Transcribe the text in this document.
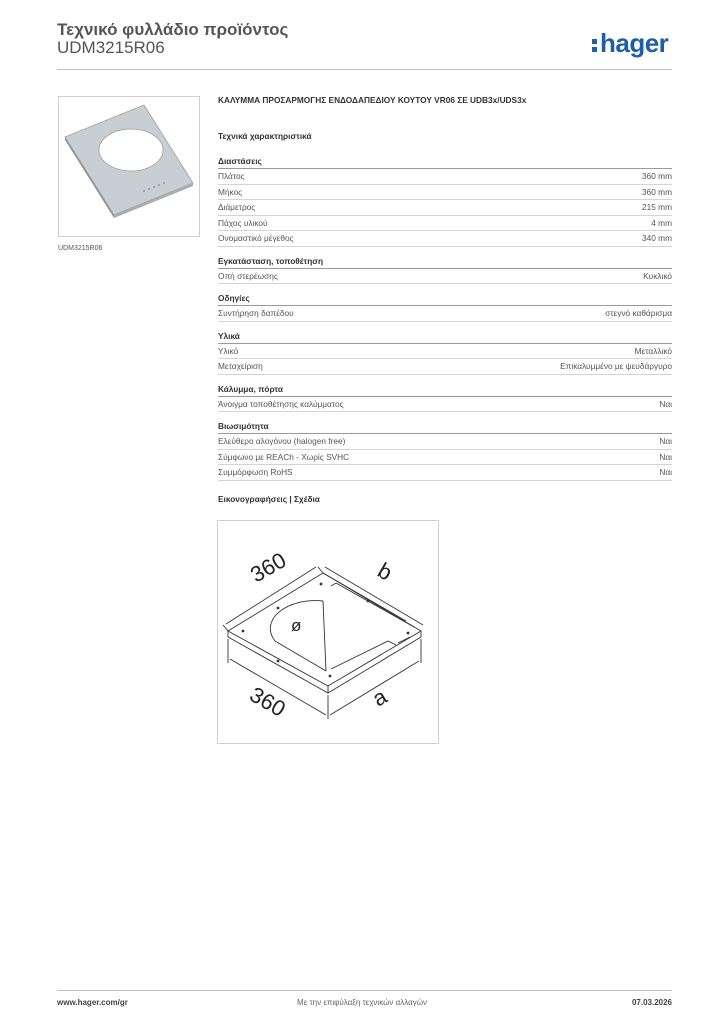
Τεχνικό φυλλάδιο προϊόντος
UDM3215R06	hager
UDM3215R06
ΚΑΛΥΜΜΑ ΠΡΟΣΑΡΜΟΓΗΣ ΕΝΔΟΔΑΠΕΔΙΟΥ ΚΟΥΤΟΥ VR06 ΣΕ UDB3x/UDS3x
Τεχνικά χαρακτηριστικά
Διαστάσεις
Πλάτος	360 mm
Μήκος	360 mm
Διάμετρος	215 mm
Πάχος υλικού	4 mm
Ονομαστικό μέγεθος	340 mm
Εγκατάσταση, τοποθέτηση
Οπή στερέωσης	Κυκλικό
Οδηγίες
Συντήρηση δαπέδου	στεγνό καθάρισμα
Υλικά
Υλικό	Μεταλλικό
Μεταχείριση	Επικαλυμμένο με ψευδάργυρο
Κάλυμμα, πόρτα
Άνοιγμα τοποθέτησης καλύμματος	Ναι
Βιωσιμότητα
Ελεύθερο αλογόνου (halogen free)	Ναι
Σύμφωνο με REACh - Χωρίς SVHC	Ναι
Συμμόρφωση RoHS	Ναι
Εικονογραφήσεις | Σχέδια
360	b
ø
360	a
www.hager.com/gr	Με την επιφύλαξη τεχνικών αλλαγών	07.03.2026
